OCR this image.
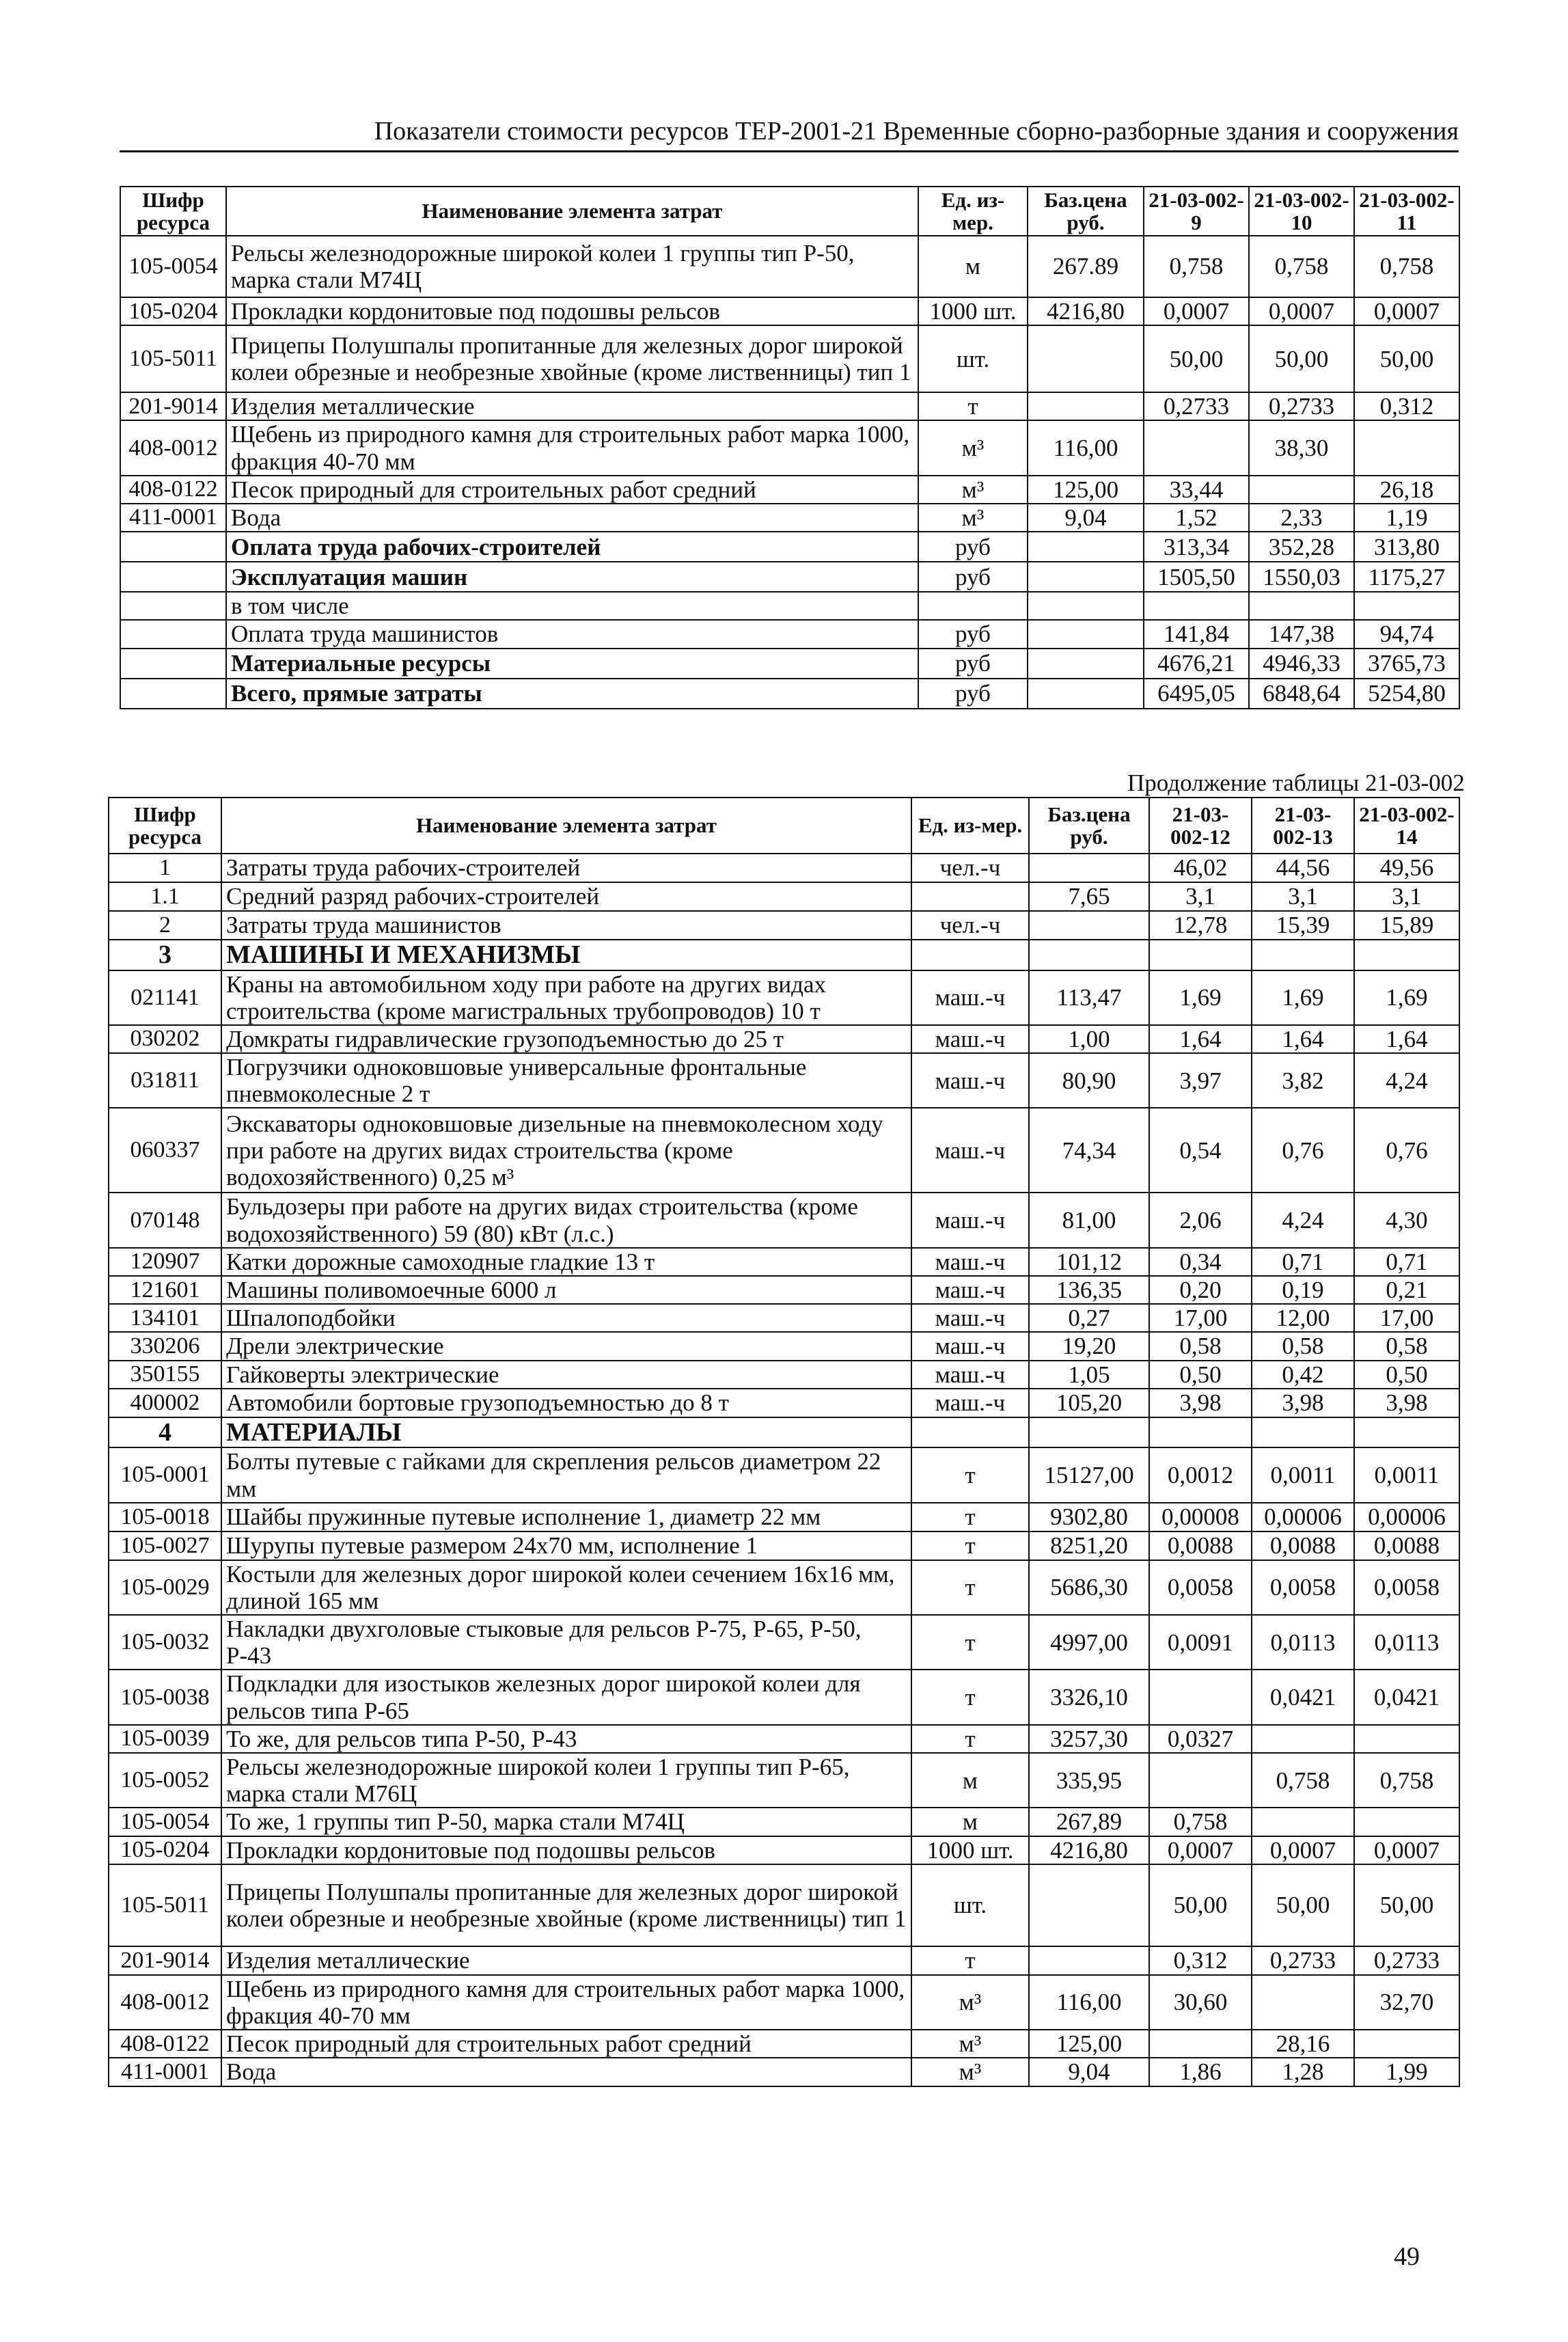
Показатели стоимости ресурсов ТЕР-2001-21 Временные сборно-разборные здания и сооружения
Шифр ресурса	Наименование элемента затрат	Ед. из-мер.	Баз.цена руб.	21-03-002-9	21-03-002-10	21-03-002-11
105-0054	Рельсы железнодорожные широкой колеи 1 группы тип Р-50, марка стали М74Ц	м	267.89	0,758	0,758	0,758
105-0204	Прокладки кордонитовые под подошвы рельсов	1000 шт.	4216,80	0,0007	0,0007	0,0007
105-5011	Прицепы Полушпалы пропитанные для железных дорог широкой колеи обрезные и необрезные хвойные (кроме лиственницы) тип 1	шт.		50,00	50,00	50,00
201-9014	Изделия металлические	т		0,2733	0,2733	0,312
408-0012	Щебень из природного камня для строительных работ марка 1000, фракция 40-70 мм	м³	116,00		38,30	
408-0122	Песок природный для строительных работ средний	м³	125,00	33,44		26,18
411-0001	Вода	м³	9,04	1,52	2,33	1,19
	Оплата труда рабочих-строителей	руб		313,34	352,28	313,80
	Эксплуатация машин	руб		1505,50	1550,03	1175,27
	в том числе					
	Оплата труда машинистов	руб		141,84	147,38	94,74
	Материальные ресурсы	руб		4676,21	4946,33	3765,73
	Всего, прямые затраты	руб		6495,05	6848,64	5254,80
Продолжение таблицы 21-03-002
Шифр ресурса	Наименование элемента затрат	Ед. из-мер.	Баз.цена руб.	21-03-002-12	21-03-002-13	21-03-002-14
1	Затраты труда рабочих-строителей	чел.-ч		46,02	44,56	49,56
1.1	Средний разряд рабочих-строителей		7,65	3,1	3,1	3,1
2	Затраты труда машинистов	чел.-ч		12,78	15,39	15,89
3	МАШИНЫ И МЕХАНИЗМЫ					
021141	Краны на автомобильном ходу при работе на других видах строительства (кроме магистральных трубопроводов) 10 т	маш.-ч	113,47	1,69	1,69	1,69
030202	Домкраты гидравлические грузоподъемностью до 25 т	маш.-ч	1,00	1,64	1,64	1,64
031811	Погрузчики одноковшовые универсальные фронтальные пневмоколесные 2 т	маш.-ч	80,90	3,97	3,82	4,24
060337	Экскаваторы одноковшовые дизельные на пневмоколесном ходу при работе на других видах строительства (кроме водохозяйственного) 0,25 м³	маш.-ч	74,34	0,54	0,76	0,76
070148	Бульдозеры при работе на других видах строительства (кроме водохозяйственного) 59 (80) кВт (л.с.)	маш.-ч	81,00	2,06	4,24	4,30
120907	Катки дорожные самоходные гладкие 13 т	маш.-ч	101,12	0,34	0,71	0,71
121601	Машины поливомоечные 6000 л	маш.-ч	136,35	0,20	0,19	0,21
134101	Шпалоподбойки	маш.-ч	0,27	17,00	12,00	17,00
330206	Дрели электрические	маш.-ч	19,20	0,58	0,58	0,58
350155	Гайковерты электрические	маш.-ч	1,05	0,50	0,42	0,50
400002	Автомобили бортовые грузоподъемностью до 8 т	маш.-ч	105,20	3,98	3,98	3,98
4	МАТЕРИАЛЫ					
105-0001	Болты путевые с гайками для скрепления рельсов диаметром 22 мм	т	15127,00	0,0012	0,0011	0,0011
105-0018	Шайбы пружинные путевые исполнение 1, диаметр 22 мм	т	9302,80	0,00008	0,00006	0,00006
105-0027	Шурупы путевые размером 24х70 мм, исполнение 1	т	8251,20	0,0088	0,0088	0,0088
105-0029	Костыли для железных дорог широкой колеи сечением 16х16 мм, длиной 165 мм	т	5686,30	0,0058	0,0058	0,0058
105-0032	Накладки двухголовые стыковые для рельсов Р-75, Р-65, Р-50, Р-43	т	4997,00	0,0091	0,0113	0,0113
105-0038	Подкладки для изостыков железных дорог широкой колеи для рельсов типа Р-65	т	3326,10		0,0421	0,0421
105-0039	То же, для рельсов типа Р-50, Р-43	т	3257,30	0,0327		
105-0052	Рельсы железнодорожные широкой колеи 1 группы тип Р-65, марка стали М76Ц	м	335,95		0,758	0,758
105-0054	То же, 1 группы тип Р-50, марка стали М74Ц	м	267,89	0,758		
105-0204	Прокладки кордонитовые под подошвы рельсов	1000 шт.	4216,80	0,0007	0,0007	0,0007
105-5011	Прицепы Полушпалы пропитанные для железных дорог широкой колеи обрезные и необрезные хвойные (кроме лиственницы) тип 1	шт.		50,00	50,00	50,00
201-9014	Изделия металлические	т		0,312	0,2733	0,2733
408-0012	Щебень из природного камня для строительных работ марка 1000, фракция 40-70 мм	м³	116,00	30,60		32,70
408-0122	Песок природный для строительных работ средний	м³	125,00		28,16	
411-0001	Вода	м³	9,04	1,86	1,28	1,99
49
